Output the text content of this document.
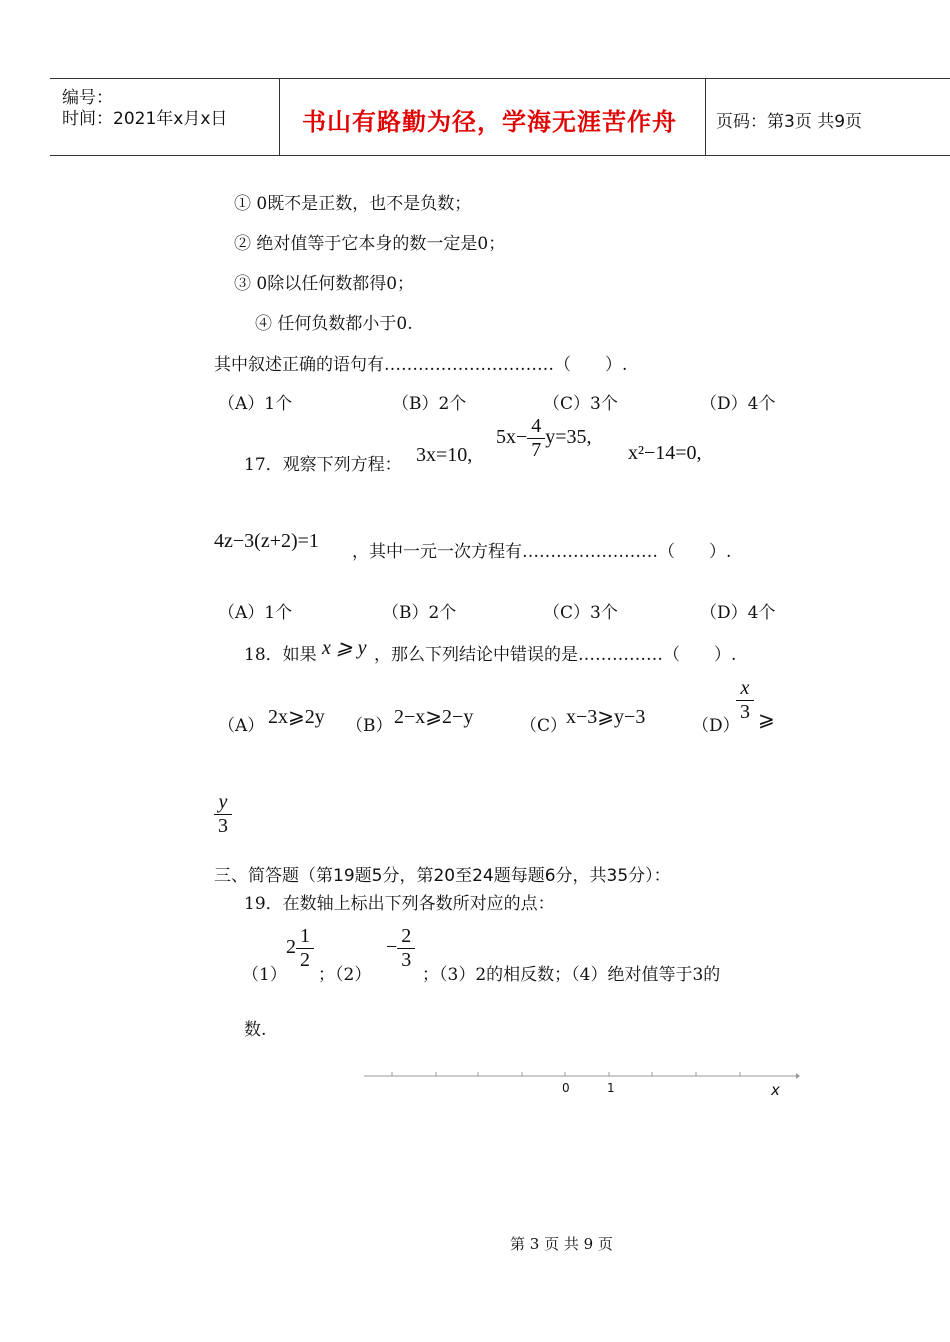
编号：
时间：2021年x月x日	书山有路勤为径，学海无涯苦作舟 页码：第3页 共9页
① 0既不是正数，也不是负数；
② 绝对值等于它本身的数一定是0；
③ 0除以任何数都得0；
④ 任何负数都小于0.
其中叙述正确的语句有…………………………（　　）.
（A）1个	（B）2个	（C）3个	（D）4个
17．观察下列方程： 3x=10,
$5x- \frac{4}{7} y=35$,
x²−14=0,
4z−3(z+2)=1 ，其中一元一次方程有……………………（　　）.
（A）1个	（B）2个	（C）3个	（D）4个
18．如果 x ⩾ y ，那么下列结论中错误的是……………（　　）.
（A） 2x⩾2y （B） 2−x⩾2−y	（C）
x−3⩾y−3	（D）
$\frac{x}{3}$ ⩾
$\frac{y}{3}$
三、简答题（第19题5分，第20至24题每题6分，共35分）：
19．在数轴上标出下列各数所对应的点：
（1）
$2 \frac{1}{2}$
；（2）
− $\frac{2}{3}$
；（3）2的相反数；（4）绝对值等于3的
数.
0	1	x
第 3 页 共 9 页
